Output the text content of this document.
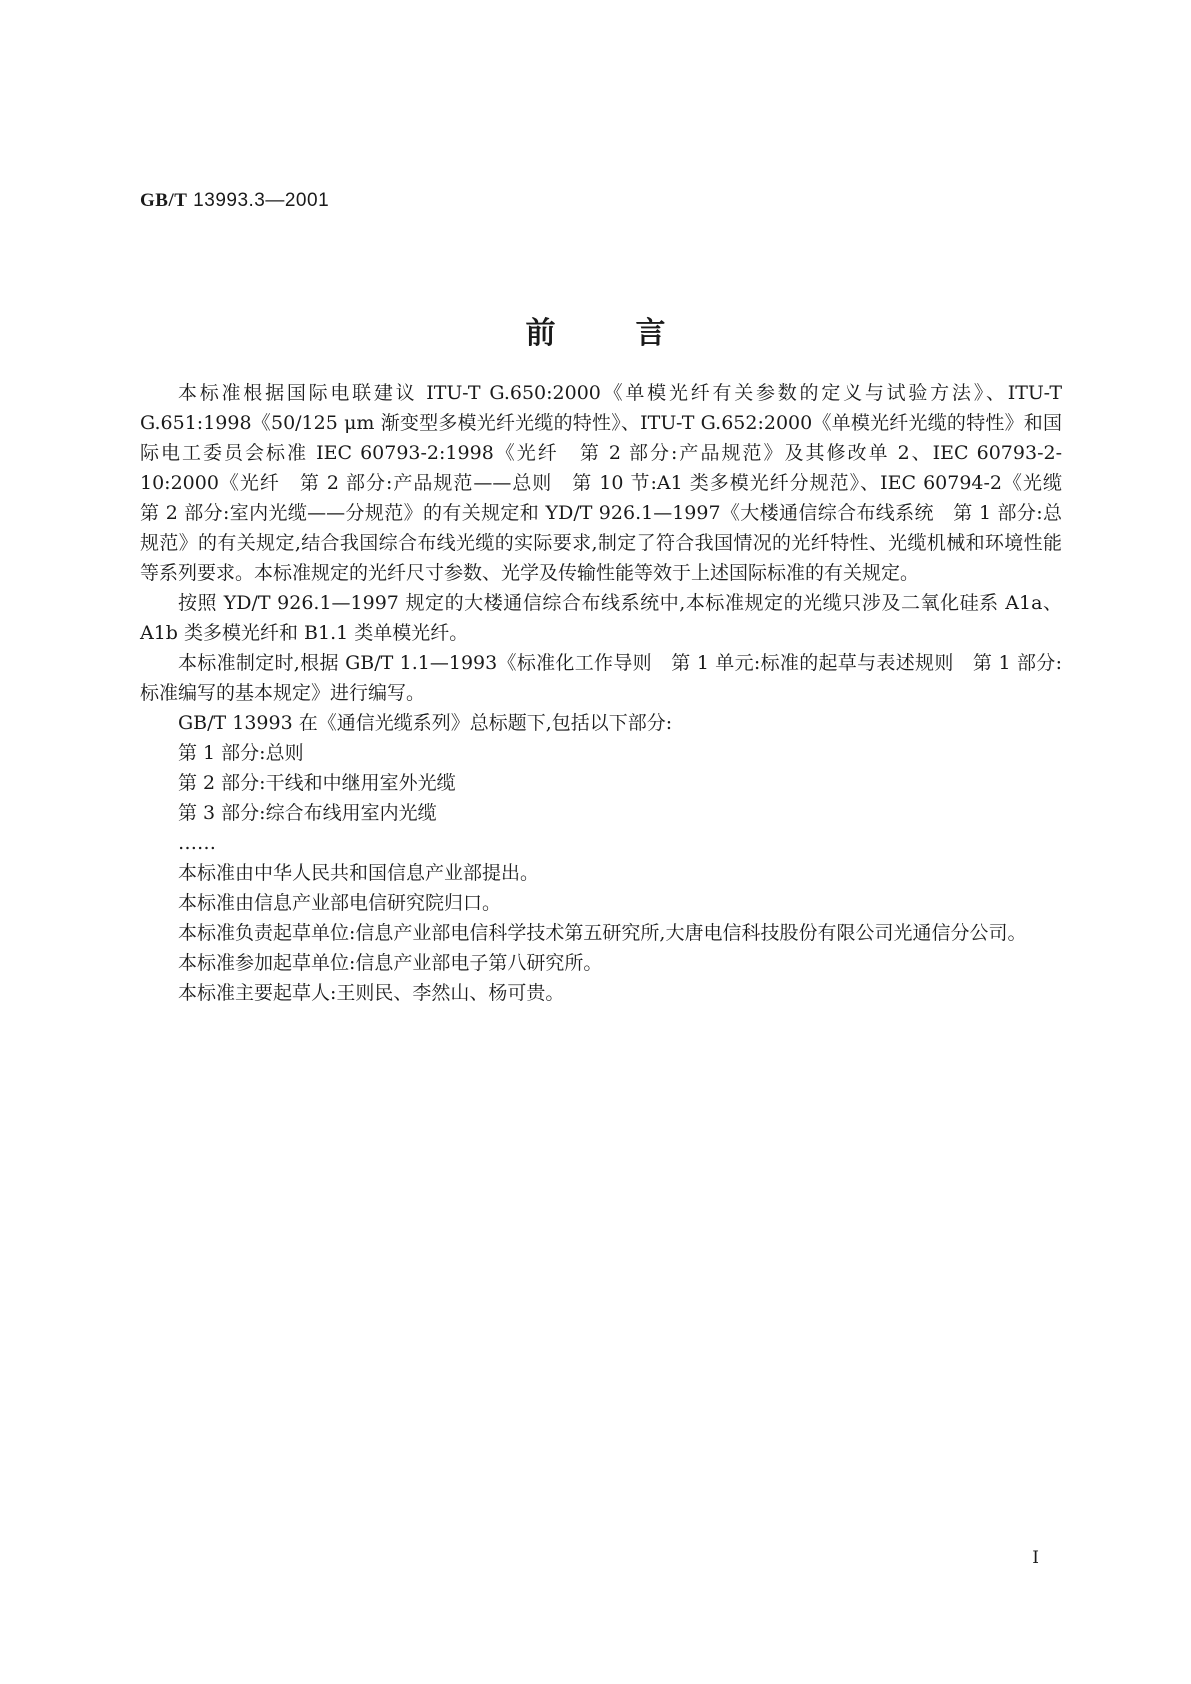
GB/T 13993.3—2001
前言

本标准根据国际电联建议 ITU-T G.650:2000《单模光纤有关参数的定义与试验方法》、ITU-T G.651:1998《50/125 μm 渐变型多模光纤光缆的特性》、ITU-T G.652:2000《单模光纤光缆的特性》和国际电工委员会标准 IEC 60793-2:1998《光纤　第 2 部分:产品规范》及其修改单 2、IEC 60793-2-10:2000《光纤　第 2 部分:产品规范——总则　第 10 节:A1 类多模光纤分规范》、IEC 60794-2《光缆　第 2 部分:室内光缆——分规范》的有关规定和 YD/T 926.1—1997《大楼通信综合布线系统　第 1 部分:总规范》的有关规定,结合我国综合布线光缆的实际要求,制定了符合我国情况的光纤特性、光缆机械和环境性能等系列要求。本标准规定的光纤尺寸参数、光学及传输性能等效于上述国际标准的有关规定。

按照 YD/T 926.1—1997 规定的大楼通信综合布线系统中,本标准规定的光缆只涉及二氧化硅系 A1a、A1b 类多模光纤和 B1.1 类单模光纤。

本标准制定时,根据 GB/T 1.1—1993《标准化工作导则　第 1 单元:标准的起草与表述规则　第 1 部分:标准编写的基本规定》进行编写。

GB/T 13993 在《通信光缆系列》总标题下,包括以下部分:

第 1 部分:总则

第 2 部分:干线和中继用室外光缆

第 3 部分:综合布线用室内光缆

……

本标准由中华人民共和国信息产业部提出。

本标准由信息产业部电信研究院归口。

本标准负责起草单位:信息产业部电信科学技术第五研究所,大唐电信科技股份有限公司光通信分公司。

本标准参加起草单位:信息产业部电子第八研究所。

本标准主要起草人:王则民、李然山、杨可贵。

I
